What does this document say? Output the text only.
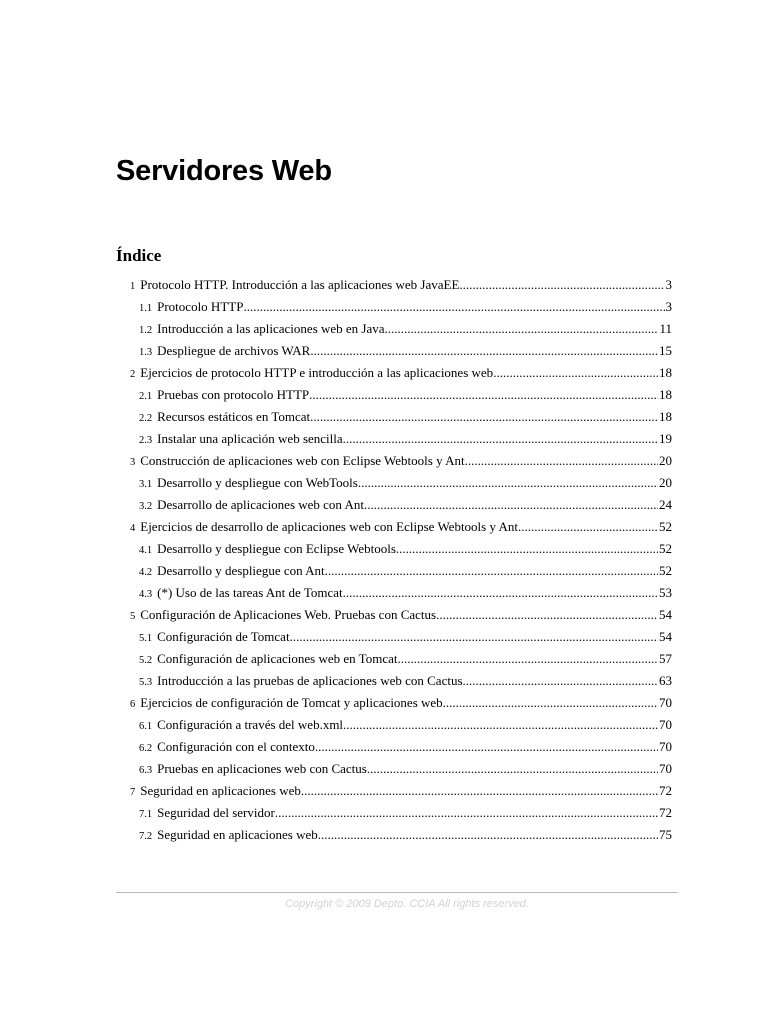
Servidores Web
Índice
1 Protocolo HTTP. Introducción a las aplicaciones web JavaEE .....	3
1.1 Protocolo HTTP .....	3
1.2 Introducción a las aplicaciones web en Java .....	11
1.3 Despliegue de archivos WAR .....	15
2 Ejercicios de protocolo HTTP e introducción a las aplicaciones web .....	18
2.1 Pruebas con protocolo HTTP .....	18
2.2 Recursos estáticos en Tomcat .....	18
2.3 Instalar una aplicación web sencilla .....	19
3 Construcción de aplicaciones web con Eclipse Webtools y Ant .....	20
3.1 Desarrollo y despliegue con WebTools .....	20
3.2 Desarrollo de aplicaciones web con Ant .....	24
4 Ejercicios de desarrollo de aplicaciones web con Eclipse Webtools y Ant .....	52
4.1 Desarrollo y despliegue con Eclipse Webtools .....	52
4.2 Desarrollo y despliegue con Ant .....	52
4.3 (*) Uso de las tareas Ant de Tomcat .....	53
5 Configuración de Aplicaciones Web. Pruebas con Cactus .....	54
5.1 Configuración de Tomcat .....	54
5.2 Configuración de aplicaciones web en Tomcat .....	57
5.3 Introducción a las pruebas de aplicaciones web con Cactus .....	63
6 Ejercicios de configuración de Tomcat y aplicaciones web .....	70
6.1 Configuración a través del web.xml .....	70
6.2 Configuración con el contexto .....	70
6.3 Pruebas en aplicaciones web con Cactus .....	70
7 Seguridad en aplicaciones web .....	72
7.1 Seguridad del servidor .....	72
7.2 Seguridad en aplicaciones web .....	75
Copyright © 2009 Depto. CCIA All rights reserved.
